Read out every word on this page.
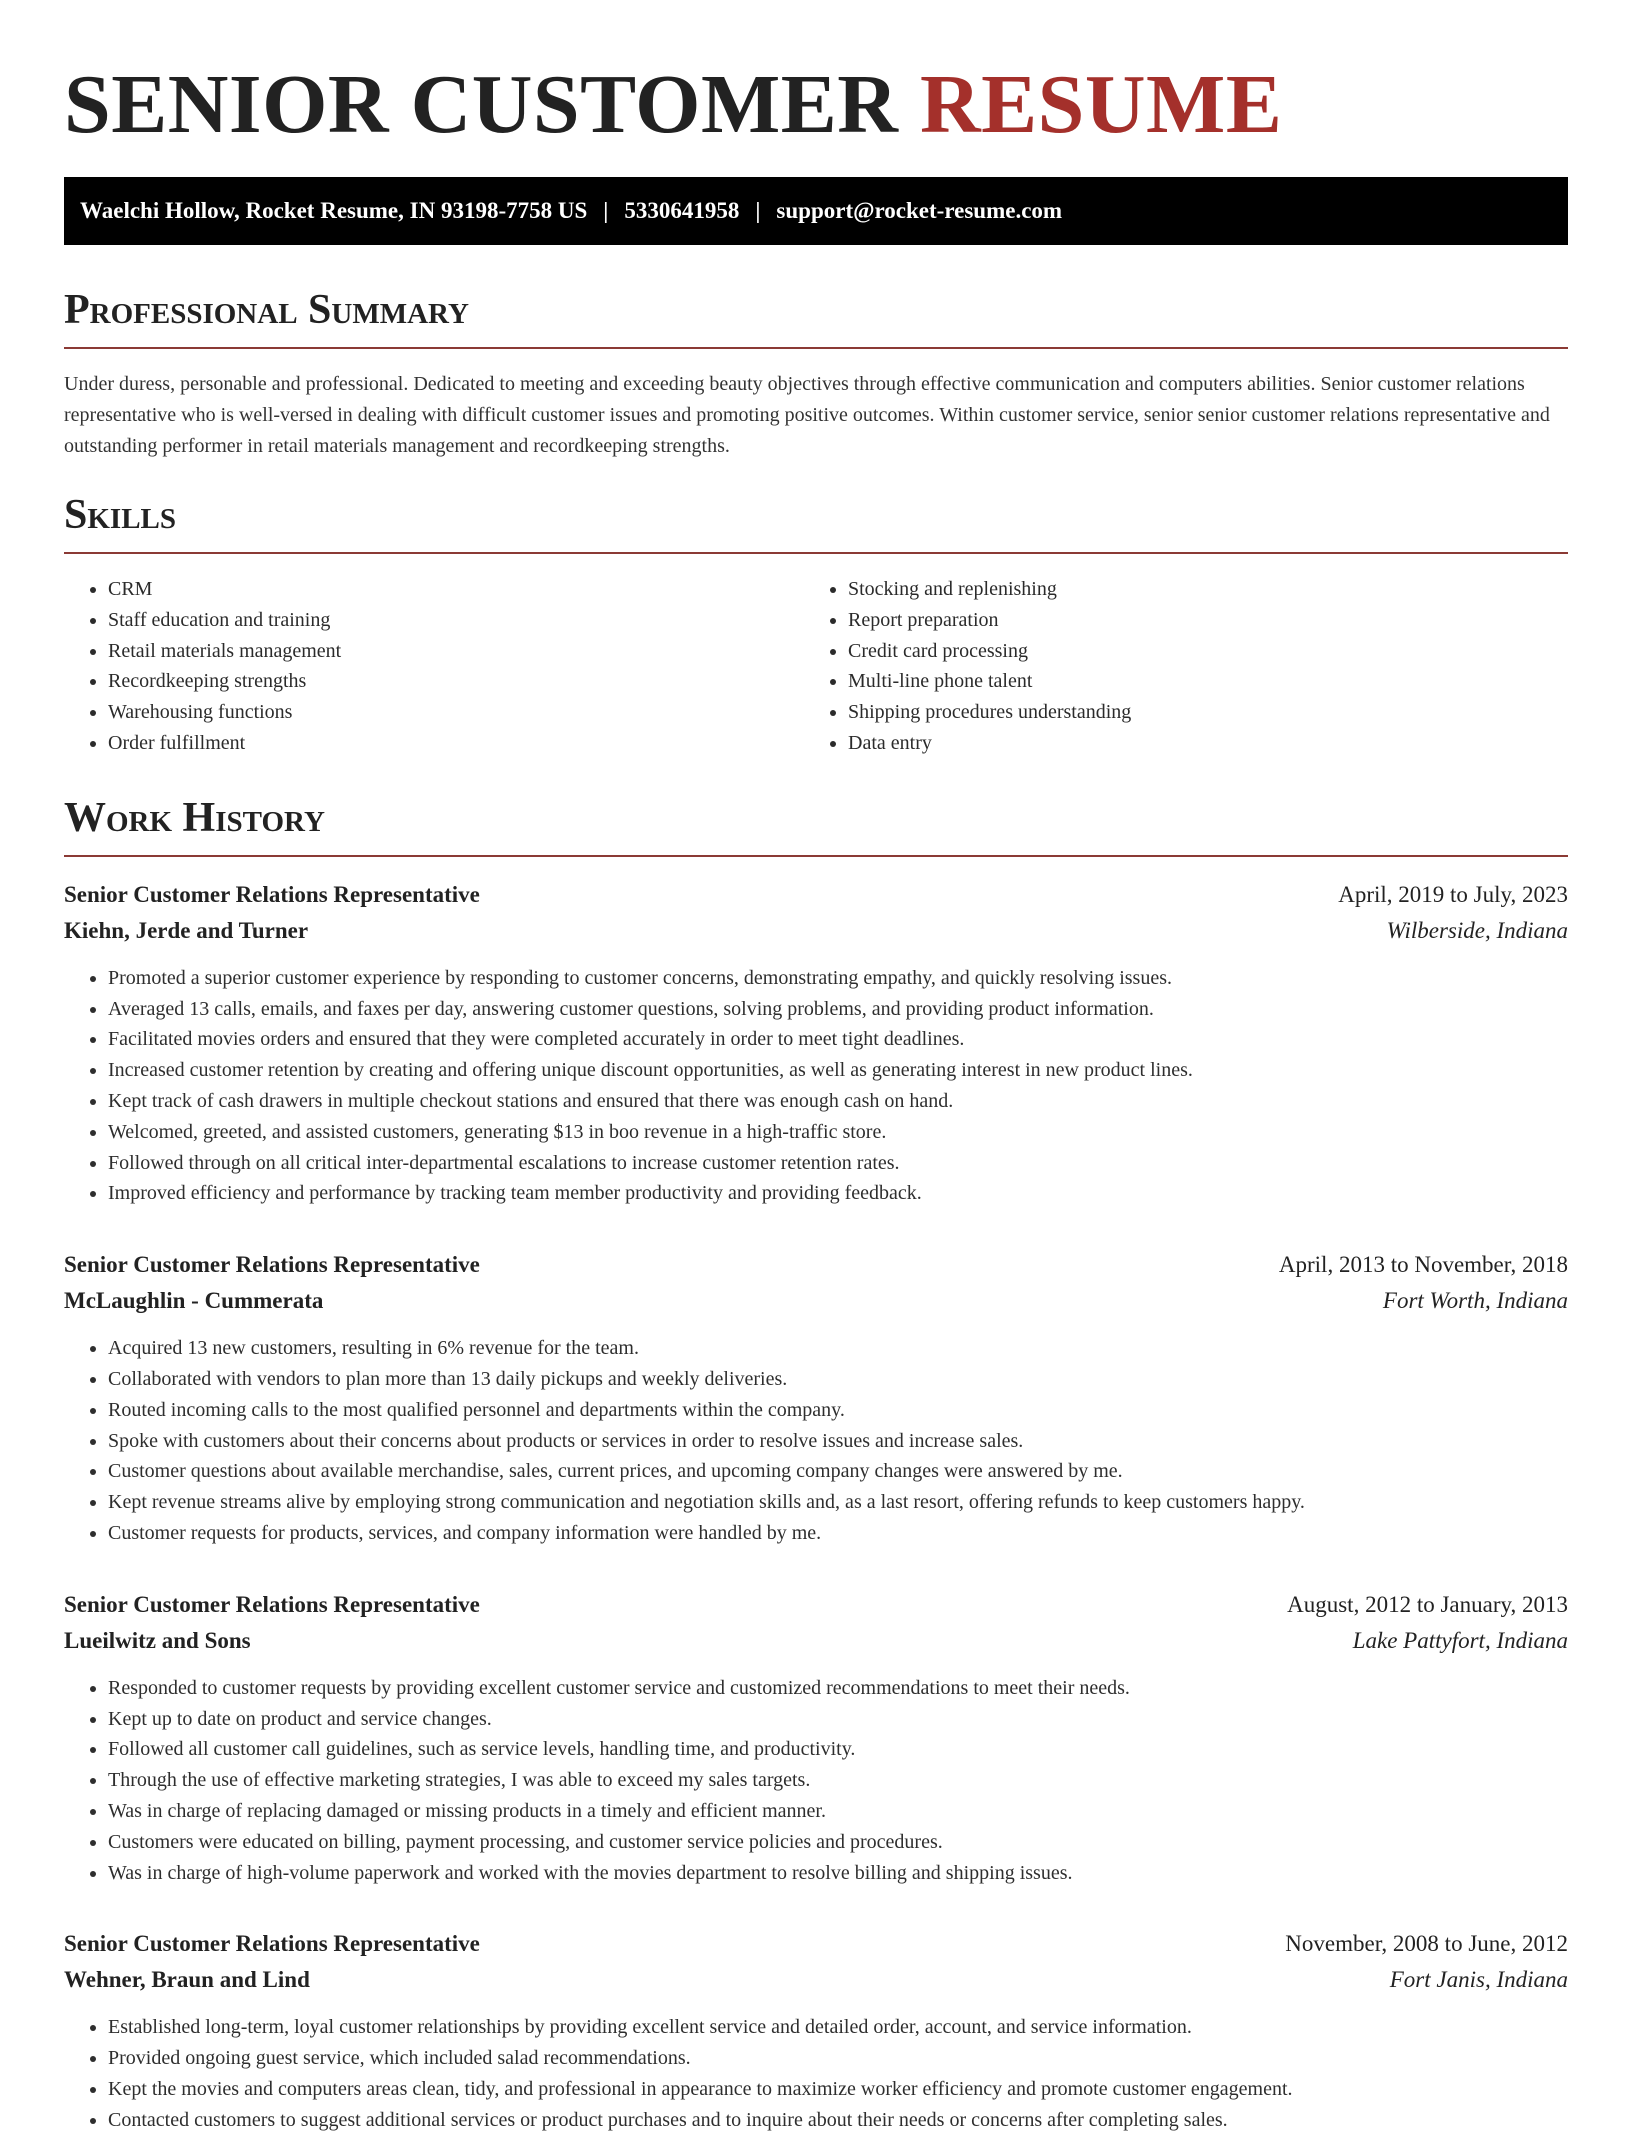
SENIOR CUSTOMER RESUME
Waelchi Hollow, Rocket Resume, IN 93198-7758 US | 5330641958 | support@rocket-resume.com
Professional Summary

Under duress, personable and professional. Dedicated to meeting and exceeding beauty objectives through effective communication and computers abilities. Senior customer relations representative who is well-versed in dealing with difficult customer issues and promoting positive outcomes. Within customer service, senior senior customer relations representative and outstanding performer in retail materials management and recordkeeping strengths.

Skills
• CRM
• Staff education and training
• Retail materials management
• Recordkeeping strengths
• Warehousing functions
• Order fulfillment
• Stocking and replenishing
• Report preparation
• Credit card processing
• Multi-line phone talent
• Shipping procedures understanding
• Data entry
Work History
Senior Customer Relations Representative	April, 2019 to July, 2023
Kiehn, Jerde and Turner	Wilberside, Indiana
• Promoted a superior customer experience by responding to customer concerns, demonstrating empathy, and quickly resolving issues.
• Averaged 13 calls, emails, and faxes per day, answering customer questions, solving problems, and providing product information.
• Facilitated movies orders and ensured that they were completed accurately in order to meet tight deadlines.
• Increased customer retention by creating and offering unique discount opportunities, as well as generating interest in new product lines.
• Kept track of cash drawers in multiple checkout stations and ensured that there was enough cash on hand.
• Welcomed, greeted, and assisted customers, generating $13 in boo revenue in a high-traffic store.
• Followed through on all critical inter-departmental escalations to increase customer retention rates.
• Improved efficiency and performance by tracking team member productivity and providing feedback.
Senior Customer Relations Representative	April, 2013 to November, 2018
McLaughlin - Cummerata	Fort Worth, Indiana
• Acquired 13 new customers, resulting in 6% revenue for the team.
• Collaborated with vendors to plan more than 13 daily pickups and weekly deliveries.
• Routed incoming calls to the most qualified personnel and departments within the company.
• Spoke with customers about their concerns about products or services in order to resolve issues and increase sales.
• Customer questions about available merchandise, sales, current prices, and upcoming company changes were answered by me.
• Kept revenue streams alive by employing strong communication and negotiation skills and, as a last resort, offering refunds to keep customers happy.
• Customer requests for products, services, and company information were handled by me.
Senior Customer Relations Representative	August, 2012 to January, 2013
Lueilwitz and Sons	Lake Pattyfort, Indiana
• Responded to customer requests by providing excellent customer service and customized recommendations to meet their needs.
• Kept up to date on product and service changes.
• Followed all customer call guidelines, such as service levels, handling time, and productivity.
• Through the use of effective marketing strategies, I was able to exceed my sales targets.
• Was in charge of replacing damaged or missing products in a timely and efficient manner.
• Customers were educated on billing, payment processing, and customer service policies and procedures.
• Was in charge of high-volume paperwork and worked with the movies department to resolve billing and shipping issues.
Senior Customer Relations Representative	November, 2008 to June, 2012
Wehner, Braun and Lind	Fort Janis, Indiana
• Established long-term, loyal customer relationships by providing excellent service and detailed order, account, and service information.
• Provided ongoing guest service, which included salad recommendations.
• Kept the movies and computers areas clean, tidy, and professional in appearance to maximize worker efficiency and promote customer engagement.
• Contacted customers to suggest additional services or product purchases and to inquire about their needs or concerns after completing sales.
